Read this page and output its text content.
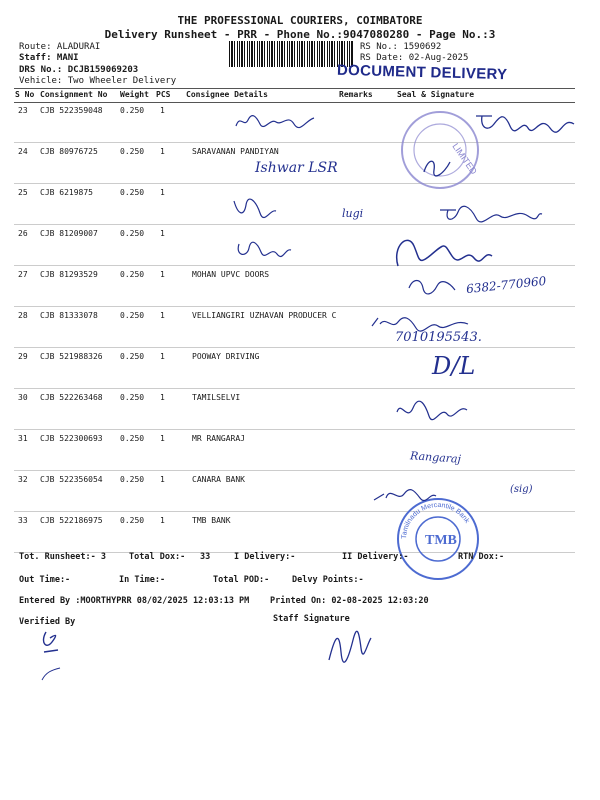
THE PROFESSIONAL COURIERS, COIMBATORE
Delivery Runsheet - PRR - Phone No.:9047080280 - Page No.:3
Route: ALADURAI
Staff: MANI
DRS No.: DCJB159069203
Vehicle: Two Wheeler Delivery
RS No.: 1590692
RS Date: 02-Aug-2025
DOCUMENT DELIVERY
S No Consignment No Weight PCS Consignee Details	Remarks	Seal & Signature
23 CJB 522359048 0.250 1
24 CJB 80976725	0.250 1	SARAVANAN PANDIYAN
25 CJB 6219875	0.250 1
26 CJB 81209007	0.250 1
27 CJB 81293529	0.250 1	MOHAN UPVC DOORS
28 CJB 81333078	0.250 1	VELLIANGIRI UZHAVAN PRODUCER C
29 CJB 521988326 0.250 1	POOWAY DRIVING
30 CJB 522263468 0.250 1	TAMILSELVI
31 CJB 522300693 0.250 1	MR RANGARAJ
32 CJB 522356054 0.250 1	CANARA BANK
33 CJB 522186975 0.250 1	TMB BANK
LIMITED
TMB
Tamilnadu Mercantile Bank
Ishwar LSR
lugi
6382-770960
7010195543.
D/L
Rangaraj
(sig)
Tot. Runsheet:- 3	Total Dox:- 33	I Delivery:-	II Delivery:-	RTN Dox:-
Out Time:-	In Time:-	Total POD:-	Delvy Points:-
Entered By :MOORTHYPRR 08/02/2025 12:03:13 PM Printed On: 02-08-2025 12:03:20
Verified By	Staff Signature
